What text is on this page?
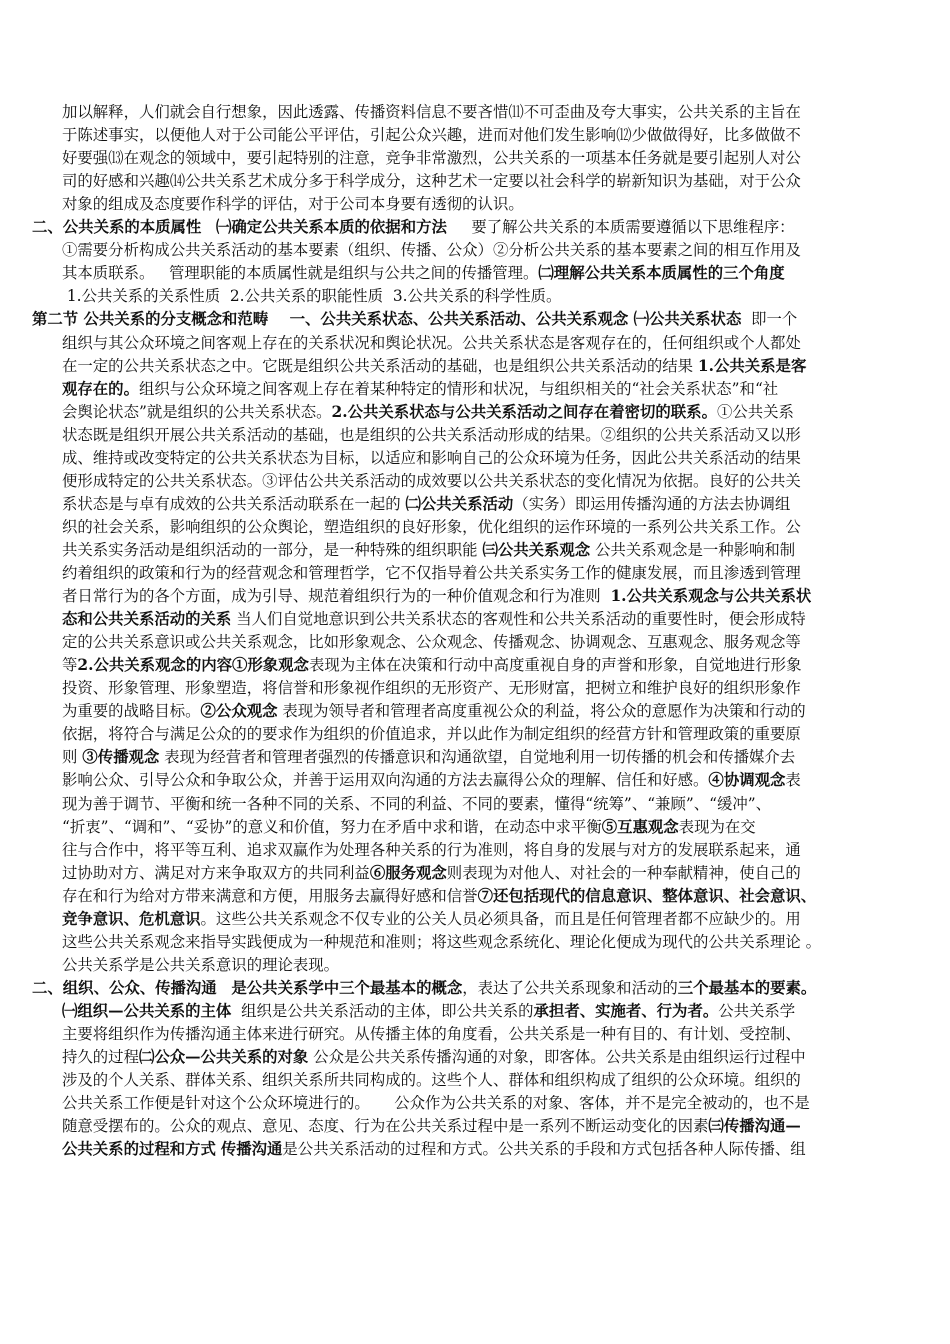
加以解释，人们就会自行想象，因此透露、传播资料信息不要吝惜⑾不可歪曲及夸大事实，公共关系的主旨在
于陈述事实，以便他人对于公司能公平评估，引起公众兴趣，进而对他们发生影响⑿少做做得好，比多做做不
好要强⒀在观念的领域中，要引起特别的注意，竞争非常激烈，公共关系的一项基本任务就是要引起别人对公
司的好感和兴趣⒁公共关系艺术成分多于科学成分，这种艺术一定要以社会科学的崭新知识为基础，对于公众
对象的组成及态度要作科学的评估，对于公司本身要有透彻的认识。
二、公共关系的本质属性 ㈠确定公共关系本质的依据和方法     要了解公共关系的本质需要遵循以下思维程序：
①需要分析构成公共关系活动的基本要素（组织、传播、公众）②分析公共关系的基本要素之间的相互作用及
其本质联系。   管理职能的本质属性就是组织与公共之间的传播管理。㈡理解公共关系本质属性的三个角度
1.公共关系的关系性质  2.公共关系的职能性质  3.公共关系的科学性质。
第二节 公共关系的分支概念和范畴    一、公共关系状态、公共关系活动、公共关系观念 ㈠公共关系状态  即一个
组织与其公众环境之间客观上存在的关系状况和舆论状况。公共关系状态是客观存在的，任何组织或个人都处
在一定的公共关系状态之中。它既是组织公共关系活动的基础，也是组织公共关系活动的结果 1.公共关系是客
观存在的。组织与公众环境之间客观上存在着某种特定的情形和状况，与组织相关的“社会关系状态”和“社
会舆论状态”就是组织的公共关系状态。2.公共关系状态与公共关系活动之间存在着密切的联系。①公共关系
状态既是组织开展公共关系活动的基础，也是组织的公共关系活动形成的结果。②组织的公共关系活动又以形
成、维持或改变特定的公共关系状态为目标，以适应和影响自己的公众环境为任务，因此公共关系活动的结果
便形成特定的公共关系状态。③评估公共关系活动的成效要以公共关系状态的变化情况为依据。良好的公共关
系状态是与卓有成效的公共关系活动联系在一起的 ㈡公共关系活动（实务）即运用传播沟通的方法去协调组
织的社会关系，影响组织的公众舆论，塑造组织的良好形象，优化组织的运作环境的一系列公共关系工作。公
共关系实务活动是组织活动的一部分，是一种特殊的组织职能 ㈢公共关系观念 公共关系观念是一种影响和制
约着组织的政策和行为的经营观念和管理哲学，它不仅指导着公共关系实务工作的健康发展，而且渗透到管理
者日常行为的各个方面，成为引导、规范着组织行为的一种价值观念和行为准则  1.公共关系观念与公共关系状
态和公共关系活动的关系 当人们自觉地意识到公共关系状态的客观性和公共关系活动的重要性时，便会形成特
定的公共关系意识或公共关系观念，比如形象观念、公众观念、传播观念、协调观念、互惠观念、服务观念等
等2.公共关系观念的内容①形象观念表现为主体在决策和行动中高度重视自身的声誉和形象，自觉地进行形象
投资、形象管理、形象塑造，将信誉和形象视作组织的无形资产、无形财富，把树立和维护良好的组织形象作
为重要的战略目标。②公众观念 表现为领导者和管理者高度重视公众的利益，将公众的意愿作为决策和行动的
依据，将符合与满足公众的的要求作为组织的价值追求，并以此作为制定组织的经营方针和管理政策的重要原
则 ③传播观念 表现为经营者和管理者强烈的传播意识和沟通欲望，自觉地利用一切传播的机会和传播媒介去
影响公众、引导公众和争取公众，并善于运用双向沟通的方法去赢得公众的理解、信任和好感。④协调观念表
现为善于调节、平衡和统一各种不同的关系、不同的利益、不同的要素，懂得“统筹”、“兼顾”、“缓冲”、
“折衷”、“调和”、“妥协”的意义和价值，努力在矛盾中求和谐，在动态中求平衡⑤互惠观念表现为在交
往与合作中，将平等互利、追求双赢作为处理各种关系的行为准则，将自身的发展与对方的发展联系起来，通
过协助对方、满足对方来争取双方的共同利益⑥服务观念则表现为对他人、对社会的一种奉献精神，使自己的
存在和行为给对方带来满意和方便，用服务去赢得好感和信誉⑦还包括现代的信息意识、整体意识、社会意识、
竞争意识、危机意识。这些公共关系观念不仅专业的公关人员必须具备，而且是任何管理者都不应缺少的。用
这些公共关系观念来指导实践便成为一种规范和准则；将这些观念系统化、理论化便成为现代的公共关系理论 。
公共关系学是公共关系意识的理论表现。
二、组织、公众、传播沟通 是公共关系学中三个最基本的概念，表达了公共关系现象和活动的三个最基本的要素。
㈠组织—公共关系的主体  组织是公共关系活动的主体，即公共关系的承担者、实施者、行为者。公共关系学
主要将组织作为传播沟通主体来进行研究。从传播主体的角度看，公共关系是一种有目的、有计划、受控制、
持久的过程㈡公众—公共关系的对象 公众是公共关系传播沟通的对象，即客体。公共关系是由组织运行过程中
涉及的个人关系、群体关系、组织关系所共同构成的。这些个人、群体和组织构成了组织的公众环境。组织的
公共关系工作便是针对这个公众环境进行的。     公众作为公共关系的对象、客体，并不是完全被动的，也不是
随意受摆布的。公众的观点、意见、态度、行为在公共关系过程中是一系列不断运动变化的因素㈢传播沟通—
公共关系的过程和方式 传播沟通是公共关系活动的过程和方式。公共关系的手段和方式包括各种人际传播、组
